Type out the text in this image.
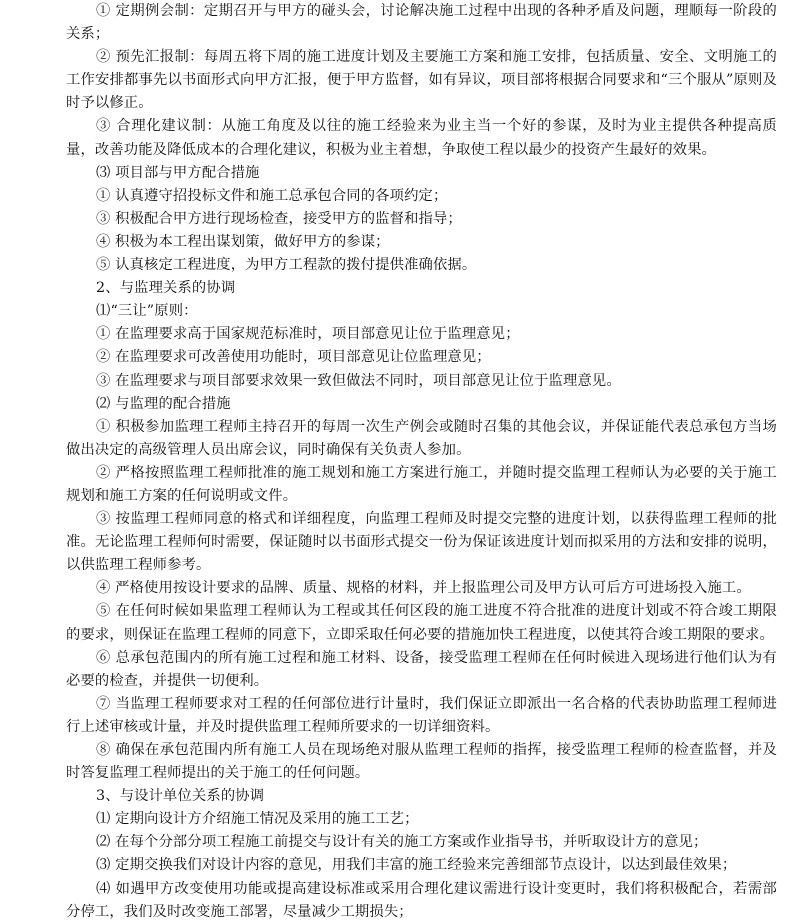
① 定期例会制：定期召开与甲方的碰头会，讨论解决施工过程中出现的各种矛盾及问题，理顺每一阶段的关系；

② 预先汇报制：每周五将下周的施工进度计划及主要施工方案和施工安排，包括质量、安全、文明施工的工作安排都事先以书面形式向甲方汇报，便于甲方监督，如有异议，项目部将根据合同要求和“三个服从”原则及时予以修正。

③ 合理化建议制：从施工角度及以往的施工经验来为业主当一个好的参谋，及时为业主提供各种提高质量，改善功能及降低成本的合理化建议，积极为业主着想，争取使工程以最少的投资产生最好的效果。

⑶ 项目部与甲方配合措施

① 认真遵守招投标文件和施工总承包合同的各项约定；

③ 积极配合甲方进行现场检查，接受甲方的监督和指导；

④ 积极为本工程出谋划策，做好甲方的参谋；

⑤ 认真核定工程进度，为甲方工程款的拨付提供准确依据。

2、与监理关系的协调

⑴“三让”原则：

① 在监理要求高于国家规范标准时，项目部意见让位于监理意见；

② 在监理要求可改善使用功能时，项目部意见让位监理意见；

③ 在监理要求与项目部要求效果一致但做法不同时，项目部意见让位于监理意见。

⑵ 与监理的配合措施

① 积极参加监理工程师主持召开的每周一次生产例会或随时召集的其他会议，并保证能代表总承包方当场做出决定的高级管理人员出席会议，同时确保有关负责人参加。

② 严格按照监理工程师批准的施工规划和施工方案进行施工，并随时提交监理工程师认为必要的关于施工规划和施工方案的任何说明或文件。

③ 按监理工程师同意的格式和详细程度，向监理工程师及时提交完整的进度计划，以获得监理工程师的批准。无论监理工程师何时需要，保证随时以书面形式提交一份为保证该进度计划而拟采用的方法和安排的说明，以供监理工程师参考。

④ 严格使用按设计要求的品牌、质量、规格的材料，并上报监理公司及甲方认可后方可进场投入施工。

⑤ 在任何时候如果监理工程师认为工程或其任何区段的施工进度不符合批准的进度计划或不符合竣工期限的要求，则保证在监理工程师的同意下，立即采取任何必要的措施加快工程进度，以使其符合竣工期限的要求。

⑥ 总承包范围内的所有施工过程和施工材料、设备，接受监理工程师在任何时候进入现场进行他们认为有必要的检查，并提供一切便利。

⑦ 当监理工程师要求对工程的任何部位进行计量时，我们保证立即派出一名合格的代表协助监理工程师进行上述审核或计量，并及时提供监理工程师所要求的一切详细资料。

⑧ 确保在承包范围内所有施工人员在现场绝对服从监理工程师的指挥，接受监理工程师的检查监督，并及时答复监理工程师提出的关于施工的任何问题。

3、与设计单位关系的协调

⑴ 定期向设计方介绍施工情况及采用的施工工艺；

⑵ 在每个分部分项工程施工前提交与设计有关的施工方案或作业指导书，并听取设计方的意见；

⑶ 定期交换我们对设计内容的意见，用我们丰富的施工经验来完善细部节点设计，以达到最佳效果；

⑷ 如遇甲方改变使用功能或提高建设标准或采用合理化建议需进行设计变更时，我们将积极配合，若需部分停工，我们及时改变施工部署，尽量减少工期损失；
